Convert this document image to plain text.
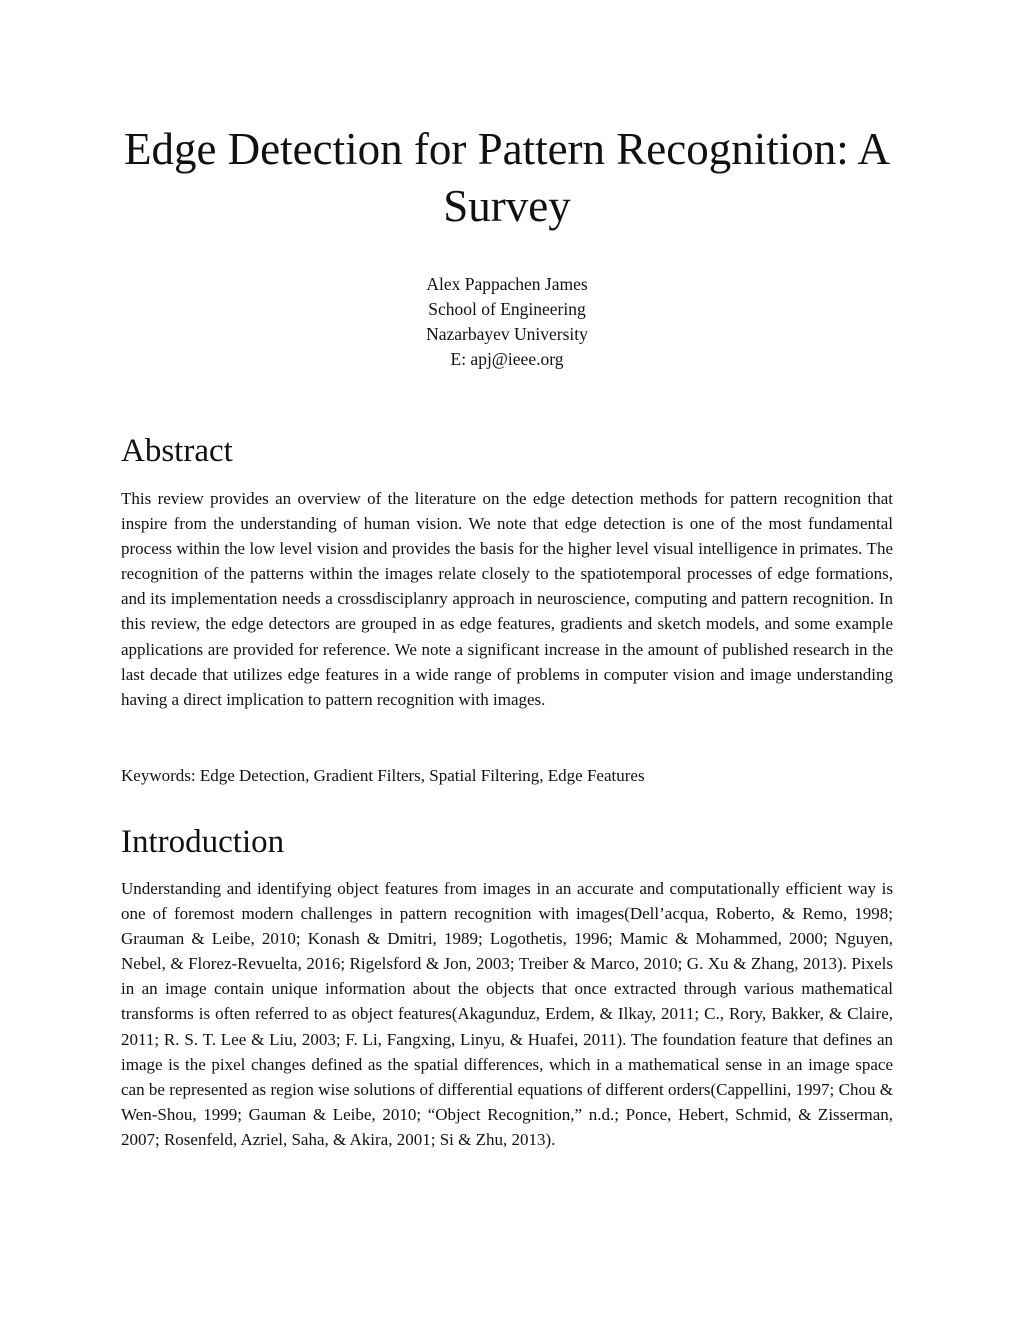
Edge Detection for Pattern Recognition: A Survey
Alex Pappachen James
School of Engineering
Nazarbayev University
E: apj@ieee.org
Abstract

This review provides an overview of the literature on the edge detection methods for pattern recognition that inspire from the understanding of human vision. We note that edge detection is one of the most fundamental process within the low level vision and provides the basis for the higher level visual intelligence in primates. The recognition of the patterns within the images relate closely to the spatiotemporal processes of edge formations, and its implementation needs a crossdisciplanry approach in neuroscience, computing and pattern recognition. In this review, the edge detectors are grouped in as edge features, gradients and sketch models, and some example applications are provided for reference. We note a significant increase in the amount of published research in the last decade that utilizes edge features in a wide range of problems in computer vision and image understanding having a direct implication to pattern recognition with images.

Keywords: Edge Detection, Gradient Filters, Spatial Filtering, Edge Features

Introduction

Understanding and identifying object features from images in an accurate and computationally efficient way is one of foremost modern challenges in pattern recognition with images(Dell’acqua, Roberto, & Remo, 1998; Grauman & Leibe, 2010; Konash & Dmitri, 1989; Logothetis, 1996; Mamic & Mohammed, 2000; Nguyen, Nebel, & Florez-Revuelta, 2016; Rigelsford & Jon, 2003; Treiber & Marco, 2010; G. Xu & Zhang, 2013). Pixels in an image contain unique information about the objects that once extracted through various mathematical transforms is often referred to as object features(Akagunduz, Erdem, & Ilkay, 2011; C., Rory, Bakker, & Claire, 2011; R. S. T. Lee & Liu, 2003; F. Li, Fangxing, Linyu, & Huafei, 2011). The foundation feature that defines an image is the pixel changes defined as the spatial differences, which in a mathematical sense in an image space can be represented as region wise solutions of differential equations of different orders(Cappellini, 1997; Chou & Wen-Shou, 1999; Gauman & Leibe, 2010; “Object Recognition,” n.d.; Ponce, Hebert, Schmid, & Zisserman, 2007; Rosenfeld, Azriel, Saha, & Akira, 2001; Si & Zhu, 2013).
